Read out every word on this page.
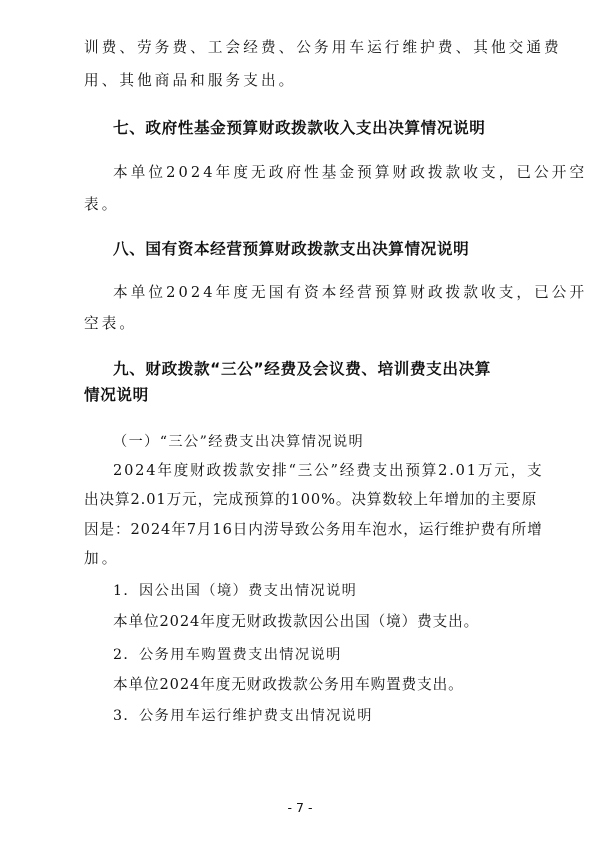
训费、劳务费、工会经费、公务用车运行维护费、其他交通费
用、其他商品和服务支出。
七、政府性基金预算财政拨款收入支出决算情况说明
本单位2024年度无政府性基金预算财政拨款收支，已公开空
表。
八、国有资本经营预算财政拨款支出决算情况说明
本单位2024年度无国有资本经营预算财政拨款收支，已公开
空表。
九、财政拨款“三公”经费及会议费、培训费支出决算
情况说明
（一）“三公”经费支出决算情况说明
2024年度财政拨款安排“三公”经费支出预算2.01万元，支
出决算2.01万元，完成预算的100%。决算数较上年增加的主要原
因是：2024年7月16日内涝导致公务用车泡水，运行维护费有所增
加。
1．因公出国（境）费支出情况说明
本单位2024年度无财政拨款因公出国（境）费支出。
2．公务用车购置费支出情况说明
本单位2024年度无财政拨款公务用车购置费支出。
3．公务用车运行维护费支出情况说明
- 7 -
